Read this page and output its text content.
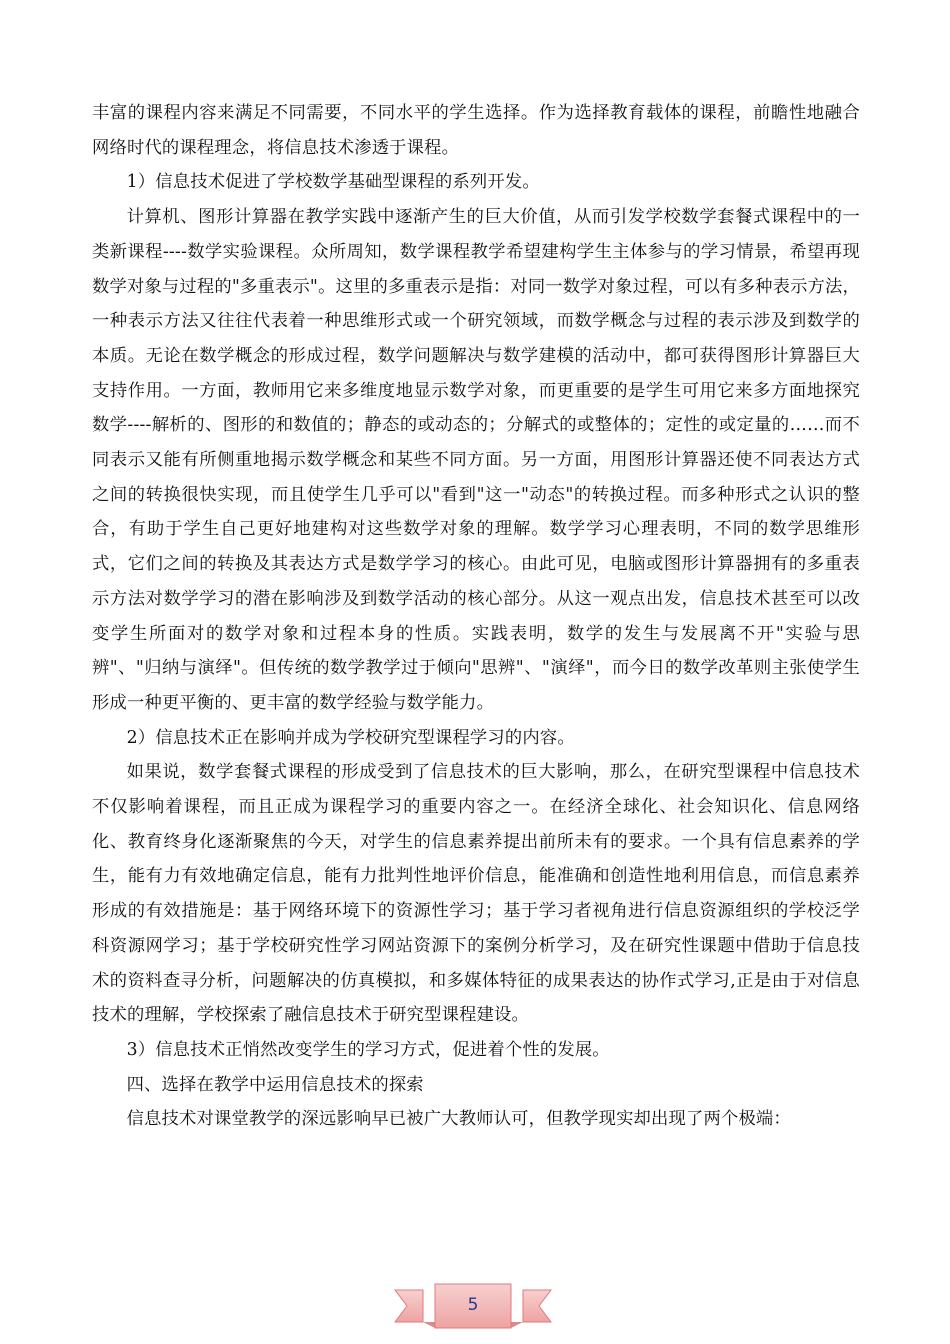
丰富的课程内容来满足不同需要，不同水平的学生选择。作为选择教育载体的课程，前瞻性地融合网络时代的课程理念，将信息技术渗透于课程。

1）信息技术促进了学校数学基础型课程的系列开发。

计算机、图形计算器在教学实践中逐渐产生的巨大价值，从而引发学校数学套餐式课程中的一类新课程----数学实验课程。众所周知，数学课程教学希望建构学生主体参与的学习情景，希望再现数学对象与过程的"多重表示"。这里的多重表示是指：对同一数学对象过程，可以有多种表示方法，一种表示方法又往往代表着一种思维形式或一个研究领域，而数学概念与过程的表示涉及到数学的本质。无论在数学概念的形成过程，数学问题解决与数学建模的活动中，都可获得图形计算器巨大支持作用。一方面，教师用它来多维度地显示数学对象，而更重要的是学生可用它来多方面地探究数学----解析的、图形的和数值的；静态的或动态的；分解式的或整体的；定性的或定量的……而不同表示又能有所侧重地揭示数学概念和某些不同方面。另一方面，用图形计算器还使不同表达方式之间的转换很快实现，而且使学生几乎可以"看到"这一"动态"的转换过程。而多种形式之认识的整合，有助于学生自己更好地建构对这些数学对象的理解。数学学习心理表明，不同的数学思维形式，它们之间的转换及其表达方式是数学学习的核心。由此可见，电脑或图形计算器拥有的多重表示方法对数学学习的潜在影响涉及到数学活动的核心部分。从这一观点出发，信息技术甚至可以改变学生所面对的数学对象和过程本身的性质。实践表明，数学的发生与发展离不开"实验与思辨"、"归纳与演绎"。但传统的数学教学过于倾向"思辨"、"演绎"，而今日的数学改革则主张使学生形成一种更平衡的、更丰富的数学经验与数学能力。

2）信息技术正在影响并成为学校研究型课程学习的内容。

如果说，数学套餐式课程的形成受到了信息技术的巨大影响，那么，在研究型课程中信息技术不仅影响着课程，而且正成为课程学习的重要内容之一。在经济全球化、社会知识化、信息网络化、教育终身化逐渐聚焦的今天，对学生的信息素养提出前所未有的要求。一个具有信息素养的学生，能有力有效地确定信息，能有力批判性地评价信息，能准确和创造性地利用信息，而信息素养形成的有效措施是：基于网络环境下的资源性学习；基于学习者视角进行信息资源组织的学校泛学科资源网学习；基于学校研究性学习网站资源下的案例分析学习，及在研究性课题中借助于信息技术的资料查寻分析，问题解决的仿真模拟，和多媒体特征的成果表达的协作式学习,正是由于对信息技术的理解，学校探索了融信息技术于研究型课程建设。

3）信息技术正悄然改变学生的学习方式，促进着个性的发展。

四、选择在教学中运用信息技术的探索

信息技术对课堂教学的深远影响早已被广大教师认可，但教学现实却出现了两个极端：

5
